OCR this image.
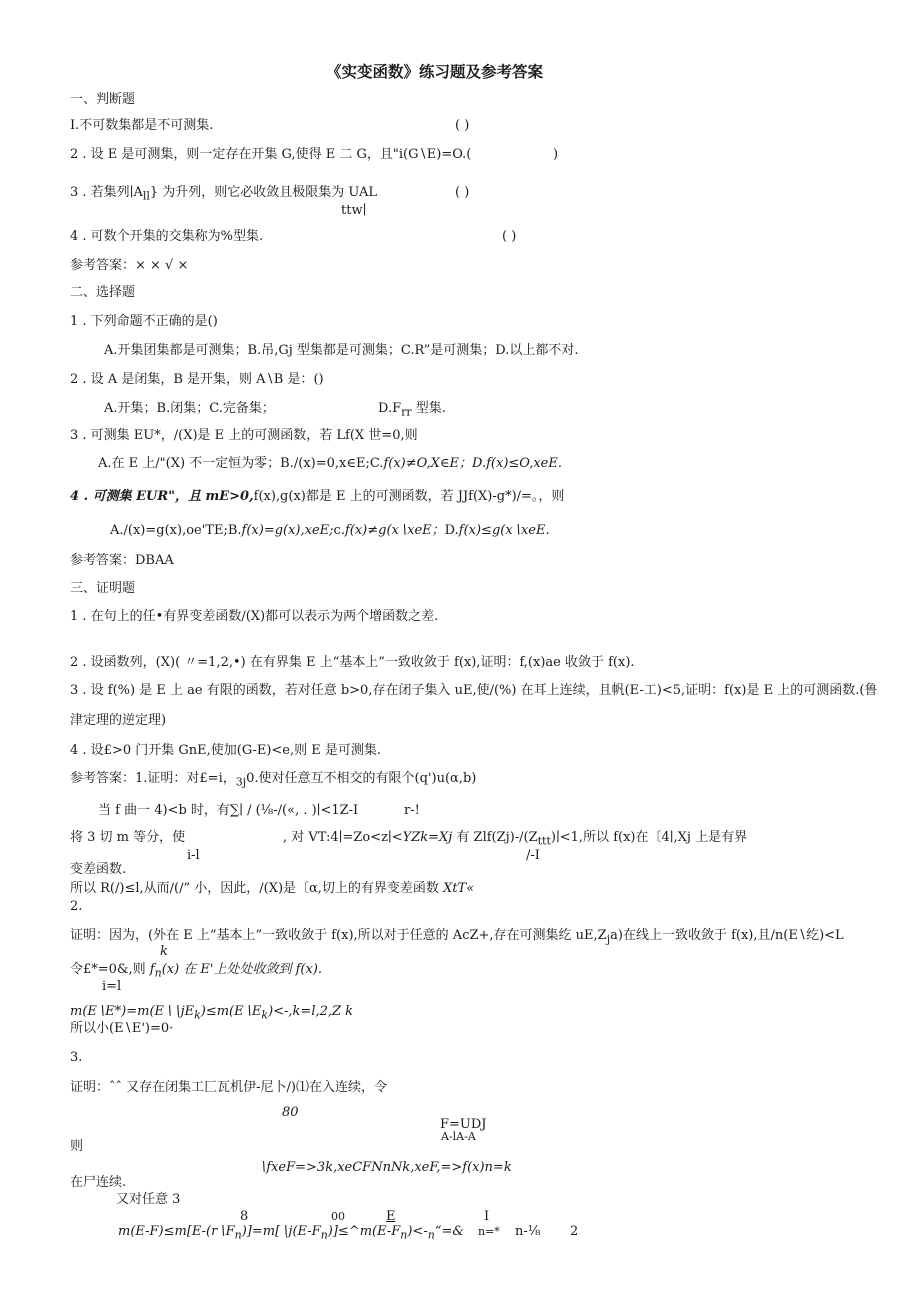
《实变函数》练习题及参考答案
一、判断题
I.不可数集都是不可测集.	( )
2 . 设 E 是可测集，则一定存在开集 G,使得 E 二 G，且"i(G∖E)=O.(	)
3 . 若集列$∣A_{ll}$} 为升列，则它必收敛且极限集为 UAL	( )
ttw∣
4 . 可数个开集的交集称为%型集.	( )
参考答案：× × √ ×
二、选择题
1 . 下列命题不正确的是()
A.开集团集都是可测集；B.吊,Gj 型集都是可测集；C.R”是可测集；D.以上都不对.
2 . 设 A 是闭集，B 是开集，则 A∖B 是：()
A.开集；B.闭集；C.完备集；	$D.F_{rr}$ 型集.
3 . 可测集 EU*，/(X)是 E 上的可测函数，若 Lf(X 世=0,则
A.在 E 上/"(X) 不一定恒为零；B./(x)=0,x∈E;C.f(x)≠O,X∈E；D.f(x)≤O,xeE.
4 . 可测集 EUR"，且 mE>0,f(x),g(x)都是 E 上的可测函数，若 JJf(X)-g*)/=。，则
A./(x)=g(x),oe'TE;B.f(x)=g(x),xeE;c.f(x)≠g(x∖xeE；D.f(x)≤g(x∖xeE.
参考答案：DBAA
三、证明题
1 . 在句上的任•有界变差函数/(X)都可以表示为两个增函数之差.
2 . 设函数列，(X)( 〃=1,2,•) 在有界集 E 上“基本上”一致收敛于 f(x),证明：f,(x)ae 收敛于 f(x).
3 . 设 f(%) 是 E 上 ae 有限的函数，若对任意 b>0,存在闭子集入 uE,使/(%) 在耳上连续，且帆(E-工)<5,证明：f(x)是 E 上的可测函数.(鲁
津定理的逆定理)
4 . 设£>0 门开集 GnE,使加(G-E)<e,则 E 是可测集.
参考答案：1.证明：对£=i，$_{3j}$0.使对任意互不相交的有限个(q')u(α,b)
当 f 曲一 4)<b 时，有∑∣ / (⅛-/(«, . )∣<1Z-I	r-!
将 3 切 m 等分，使	, 对 VT:4∣=Zo<z∣<YZk=Xj 有 $Zlf(Zj)-/(Z_{ttt})∣<1$,所以 f(x)在〔4∣,Xj 上是有界
i-l	/-I
变差函数.
所以 R(∕)≤l,从而/(/” 小，因此，/(X)是〔α,切上的有界变差函数 XtT«
2.
证明：因为，(外在 E 上“基本上”一致收敛于 f(x),所以对于任意的 AcZ+,存在可测集纥 $uE,Z_ja$)在线上一致收敛于 f(x),且∕n(E∖纥)<L
k
令£*=0&,则 $f_n(x)$ 在 E'上处处收敛到 f(x).
i=l
$m(E∖E*)=m(E∖∖jE_k)\le m(E∖E_k)<-,k=l,2,Z$ k
所以小(E∖E')=0·
3.
证明：ˆˆ 又存在闭集工匚瓦机伊-尼卜/)⑴在入连续，令
80
F=UDJ
A-lA-A
则
∖fxeF=>3k,xeCFNnNk,xeF,=>f(x)n=k
在尸连续.
又对任意 3
8	00	E	I
$m(E-F)\le m[E-(r∖F_n)]=m[∖j(E-F_n)]\le\^{}m(E-F_n)<-_n“=\&$ n=* n-⅛ 2
